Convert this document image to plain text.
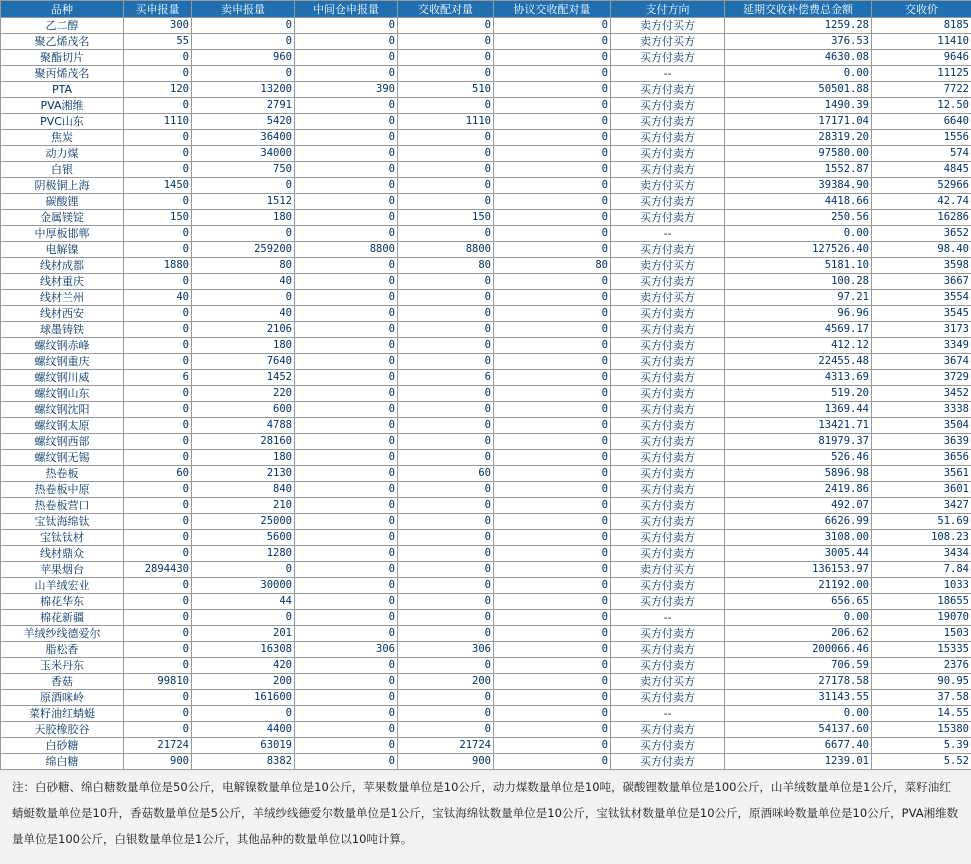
品种	买申报量	卖申报量	中间仓申报量	交收配对量	协议交收配对量	支付方向	延期交收补偿费总金额	交收价
乙二醇	300	0	0	0	0	卖方付买方	1259.28	8185
聚乙烯茂名	55	0	0	0	0	卖方付买方	376.53	11410
聚酯切片	0	960	0	0	0	买方付卖方	4630.08	9646
聚丙烯茂名	0	0	0	0	0	--	0.00	11125
PTA	120	13200	390	510	0	买方付卖方	50501.88	7722
PVA湘维	0	2791	0	0	0	买方付卖方	1490.39	12.50
PVC山东	1110	5420	0	1110	0	买方付卖方	17171.04	6640
焦炭	0	36400	0	0	0	买方付卖方	28319.20	1556
动力煤	0	34000	0	0	0	买方付卖方	97580.00	574
白银	0	750	0	0	0	买方付卖方	1552.87	4845
阴极铜上海	1450	0	0	0	0	卖方付买方	39384.90	52966
碳酸锂	0	1512	0	0	0	买方付卖方	4418.66	42.74
金属镁锭	150	180	0	150	0	买方付卖方	250.56	16286
中厚板邯郸	0	0	0	0	0	--	0.00	3652
电解镍	0	259200	8800	8800	0	买方付卖方	127526.40	98.40
线材成都	1880	80	0	80	80	卖方付买方	5181.10	3598
线材重庆	0	40	0	0	0	买方付卖方	100.28	3667
线材兰州	40	0	0	0	0	卖方付买方	97.21	3554
线材西安	0	40	0	0	0	买方付卖方	96.96	3545
球墨铸铁	0	2106	0	0	0	买方付卖方	4569.17	3173
螺纹钢赤峰	0	180	0	0	0	买方付卖方	412.12	3349
螺纹钢重庆	0	7640	0	0	0	买方付卖方	22455.48	3674
螺纹钢川威	6	1452	0	6	0	买方付卖方	4313.69	3729
螺纹钢山东	0	220	0	0	0	买方付卖方	519.20	3452
螺纹钢沈阳	0	600	0	0	0	买方付卖方	1369.44	3338
螺纹钢太原	0	4788	0	0	0	买方付卖方	13421.71	3504
螺纹钢西部	0	28160	0	0	0	买方付卖方	81979.37	3639
螺纹钢无锡	0	180	0	0	0	买方付卖方	526.46	3656
热卷板	60	2130	0	60	0	买方付卖方	5896.98	3561
热卷板中原	0	840	0	0	0	买方付卖方	2419.86	3601
热卷板营口	0	210	0	0	0	买方付卖方	492.07	3427
宝钛海绵钛	0	25000	0	0	0	买方付卖方	6626.99	51.69
宝钛钛材	0	5600	0	0	0	买方付卖方	3108.00	108.23
线材鼎众	0	1280	0	0	0	买方付卖方	3005.44	3434
苹果烟台	2894430	0	0	0	0	卖方付买方	136153.97	7.84
山羊绒宏业	0	30000	0	0	0	买方付卖方	21192.00	1033
棉花华东	0	44	0	0	0	买方付卖方	656.65	18655
棉花新疆	0	0	0	0	0	--	0.00	19070
羊绒纱线德爱尔	0	201	0	0	0	买方付卖方	206.62	1503
脂松香	0	16308	306	306	0	买方付卖方	200066.46	15335
玉米丹东	0	420	0	0	0	买方付卖方	706.59	2376
香菇	99810	200	0	200	0	卖方付买方	27178.58	90.95
原酒咪岭	0	161600	0	0	0	买方付卖方	31143.55	37.58
菜籽油红蜻蜓	0	0	0	0	0	--	0.00	14.55
天胶橡胶谷	0	4400	0	0	0	买方付卖方	54137.60	15380
白砂糖	21724	63019	0	21724	0	买方付卖方	6677.40	5.39
绵白糖	900	8382	0	900	0	买方付卖方	1239.01	5.52
注：白砂糖、绵白糖数量单位是50公斤，电解镍数量单位是10公斤，苹果数量单位是10公斤，动力煤数量单位是10吨，碳酸锂数量单位是100公斤，山羊绒数量单位是1公斤，菜籽油红蜻蜓数量单位是10升，香菇数量单位是5公斤，羊绒纱线德爱尔数量单位是1公斤，宝钛海绵钛数量单位是10公斤，宝钛钛材数量单位是10公斤，原酒咪岭数量单位是10公斤，PVA湘维数量单位是100公斤，白银数量单位是1公斤，其他品种的数量单位以10吨计算。
